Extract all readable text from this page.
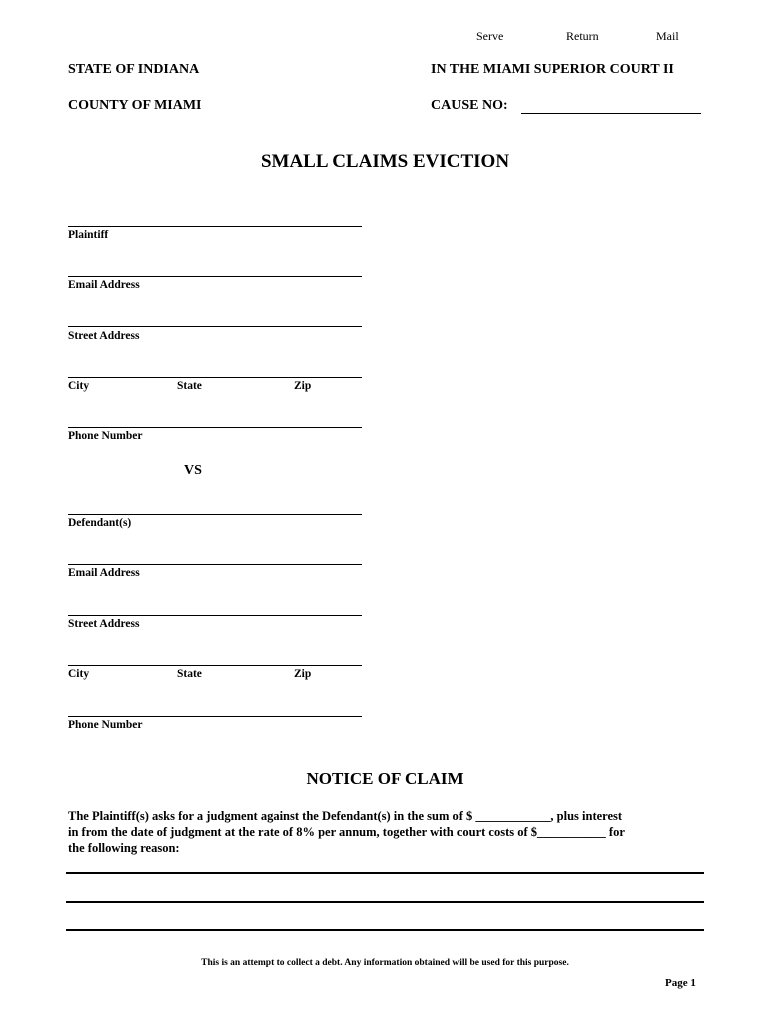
Serve	Return	Mail
STATE OF INDIANA
COUNTY OF MIAMI
IN THE MIAMI SUPERIOR COURT II
CAUSE NO:
SMALL CLAIMS EVICTION
Plaintiff
Email Address
Street Address
City	State	Zip
Phone Number
VS
Defendant(s)
Email Address
Street Address
City	State	Zip
Phone Number
NOTICE OF CLAIM
The Plaintiff(s) asks for a judgment against the Defendant(s) in the sum of $ ____________, plus interest
in from the date of judgment at the rate of 8% per annum, together with court costs of $___________ for
the following reason:
This is an attempt to collect a debt. Any information obtained will be used for this purpose.
Page 1
